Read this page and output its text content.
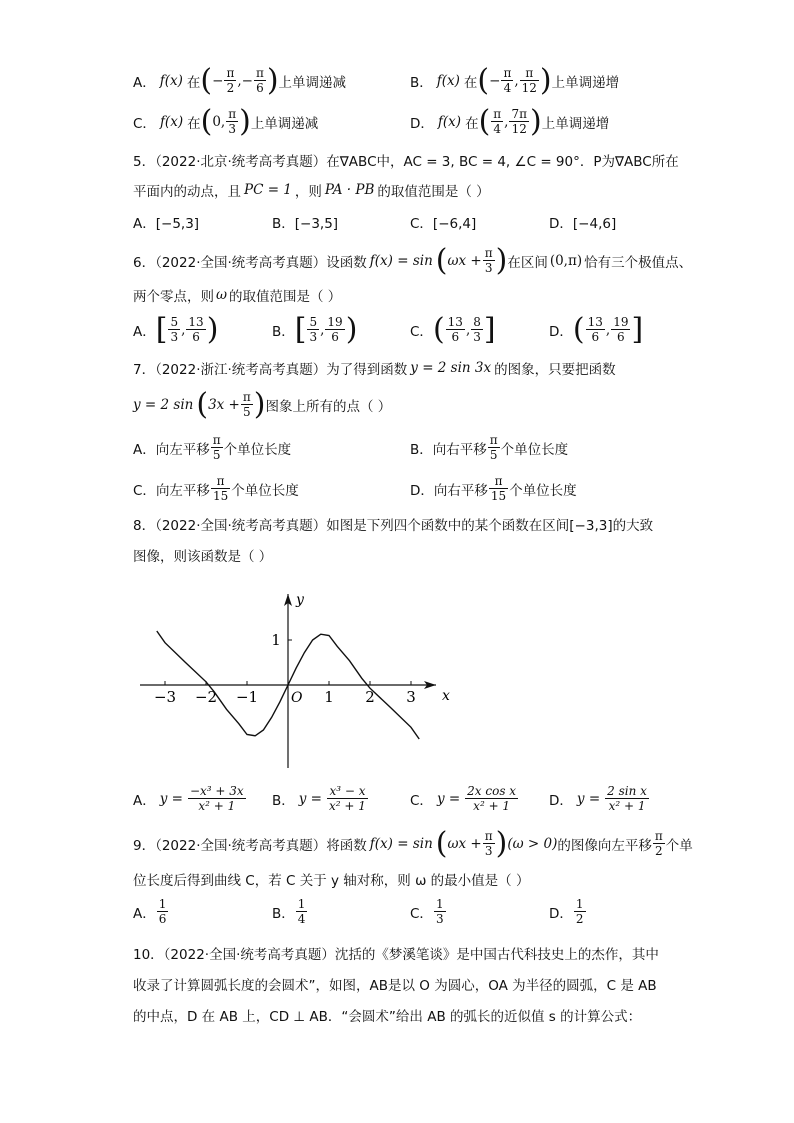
A． f(x) 在 ( − $\frac{\pi}{2}$ ,− $\frac{\pi}{6}$ ) 上单调递减	B． f(x) 在 ( − $\frac{\pi}{4}$ , $\frac{\pi}{12}$ ) 上单调递增
C． f(x) 在 ( 0, $\frac{\pi}{3}$ ) 上单调递减	D． f(x) 在 ( $\frac{\pi}{4}$ , $\frac{7\pi}{12}$ ) 上单调递增
5．（2022·北京·统考高考真题）在∇ABC中，AC = 3, BC = 4, ∠C = 90°．P为∇ABC所在
平面内的动点，且 PC = 1 ，则 PA · PB 的取值范围是（ ）
A．[−5,3]	B．[−3,5]	C．[−6,4]	D．[−4,6]
6．（2022·全国·统考高考真题）设函数 f(x) = sin ( $\omega x + \frac{\pi}{3}$ ) 在区间 (0,π) 恰有三个极值点、
两个零点，则 ω 的取值范围是（ ）
A． [ $\frac{5}{3}$ , $\frac{13}{6}$ )	B． [ $\frac{5}{3}$ , $\frac{19}{6}$ )	C． ( $\frac{13}{6}$ , $\frac{8}{3}$ ]	D． ( $\frac{13}{6}$ , $\frac{19}{6}$ ]
7．（2022·浙江·统考高考真题）为了得到函数 y = 2 sin 3x 的图象，只要把函数
y = 2 sin ( $3x + \frac{\pi}{5}$ ) 图象上所有的点（ ）
A． 向左平移 $\frac{\pi}{5}$ 个单位长度	B． 向右平移 $\frac{\pi}{5}$ 个单位长度
C． 向左平移 $\frac{\pi}{15}$ 个单位长度	D． 向右平移 $\frac{\pi}{15}$ 个单位长度
8．（2022·全国·统考高考真题）如图是下列四个函数中的某个函数在区间[−3,3]的大致
图像，则该函数是（ ）
x
y
O
−3 −2 −1	1 2 3
1
A． $y = \frac{\text{−x³ + 3x}}{\text{x² + 1}}$ B． $y = \frac{\text{x³ − x}}{\text{x² + 1}}$	C． $y = \frac{\text{2x cos x}}{\text{x² + 1}}$ D． $y = \frac{\text{2 sin x}}{\text{x² + 1}}$
9．（2022·全国·统考高考真题）将函数 f(x) = sin ( $\omega x + \frac{\pi}{3}$ ) (ω > 0) 的图像向左平移 $\frac{\pi}{2}$ 个单
位长度后得到曲线 C，若 C 关于 y 轴对称，则 ω 的最小值是（ ）
A． $\frac{1}{6}$	B． $\frac{1}{4}$	C． $\frac{1}{3}$	D． $\frac{1}{2}$
10．（2022·全国·统考高考真题）沈括的《梦溪笔谈》是中国古代科技史上的杰作，其中
收录了计算圆弧长度的会圆术”，如图，AB是以 O 为圆心，OA 为半径的圆弧，C 是 AB
的中点，D 在 AB 上，CD ⊥ AB．“会圆术”给出 AB 的弧长的近似值 s 的计算公式：
